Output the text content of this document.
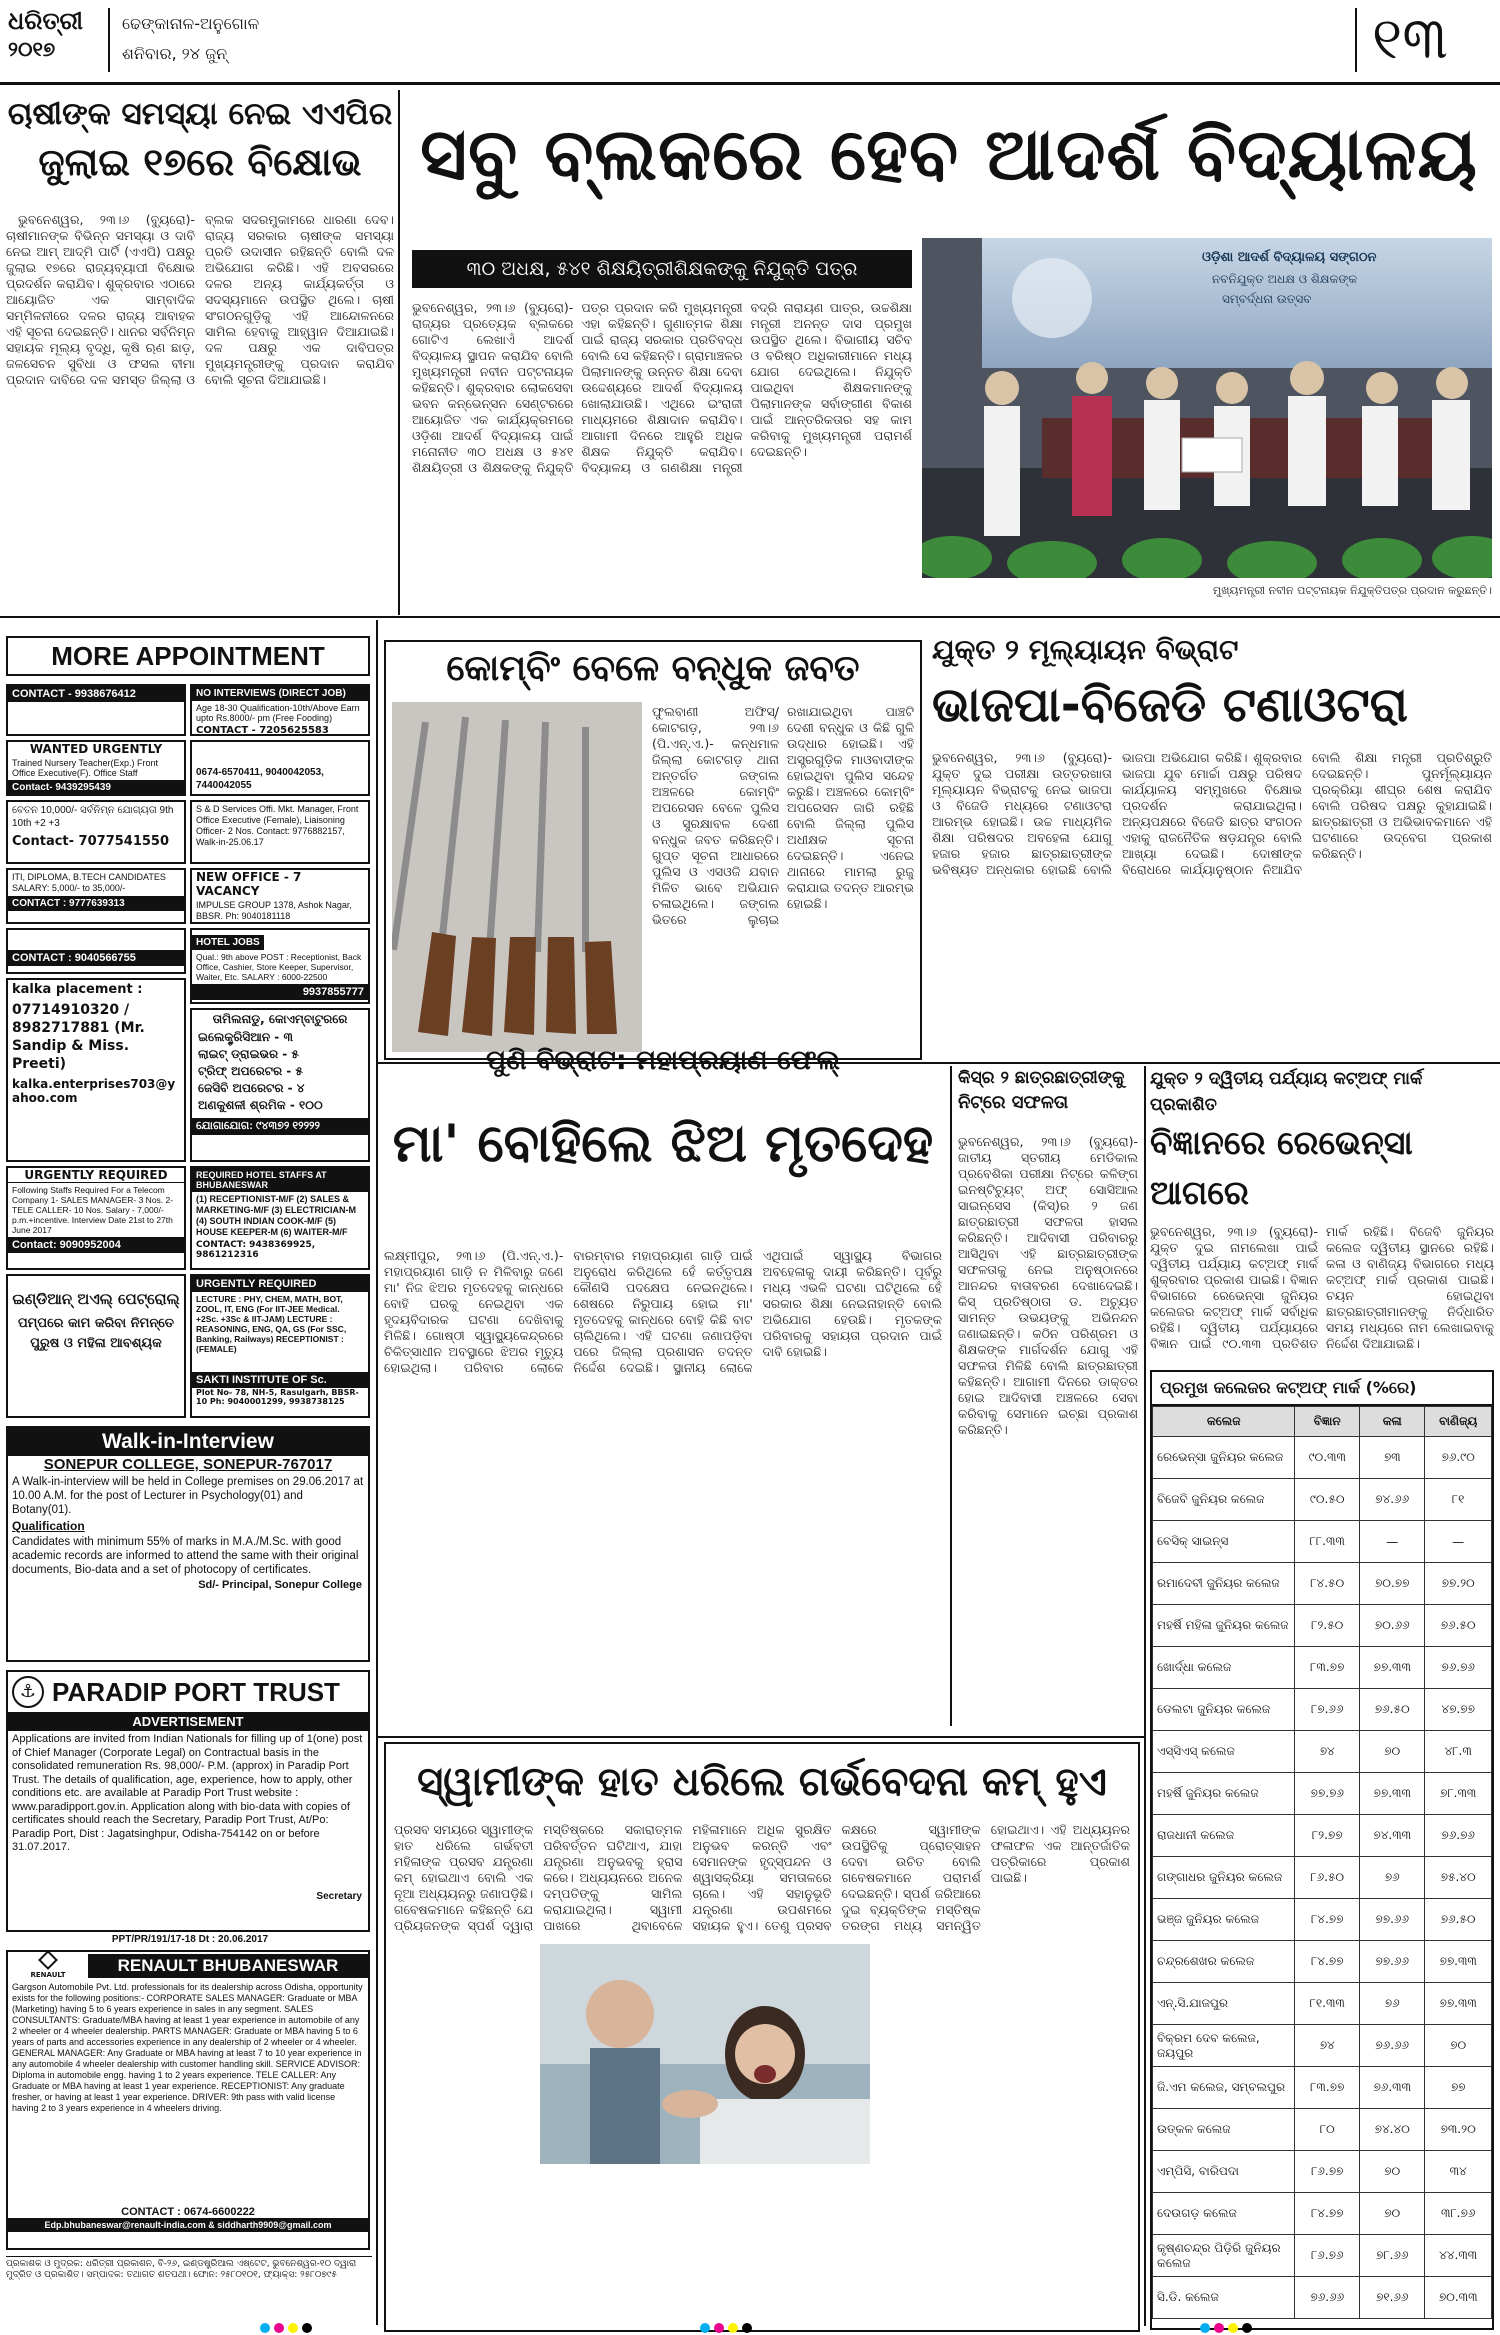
ଧରିତ୍ରୀ
୨୦୧୭
ଢେଙ୍କାନାଳ-ଅନୁଗୋଳ
ଶନିବାର, ୨୪ ଜୁନ୍	୧୩
ଚାଷୀଙ୍କ ସମସ୍ୟା ନେଇ ଏଏପିର
ଜୁଲାଇ ୧୭ରେ ବିକ୍ଷୋଭ
ଭୁବନେଶ୍ୱର, ୨୩।୬ (ବ୍ୟୁରୋ)- ଚାଷୀମାନଙ୍କ ବିଭିନ୍ନ ସମସ୍ୟା ଓ ଦାବି ନେଇ ଆମ୍ ଆଦ୍ମି ପାର୍ଟି (ଏଏପି) ପକ୍ଷରୁ ଜୁଲାଇ ୧୭ରେ ରାଜ୍ୟବ୍ୟାପୀ ବିକ୍ଷୋଭ ପ୍ରଦର୍ଶନ କରାଯିବ। ଶୁକ୍ରବାର ଏଠାରେ ଆୟୋଜିତ ଏକ ସାମ୍ବାଦିକ ସମ୍ମିଳନୀରେ ଦଳର ରାଜ୍ୟ ଆବାହକ ଏହି ସୂଚନା ଦେଇଛନ୍ତି। ଧାନର ସର୍ବନିମ୍ନ ସହାୟକ ମୂଲ୍ୟ ବୃଦ୍ଧି, କୃଷି ଋଣ ଛାଡ଼, ଜଳସେଚନ ସୁବିଧା ଓ ଫସଲ ବୀମା ପ୍ରଦାନ ଦାବିରେ ଦଳ ସମସ୍ତ ଜିଲ୍ଲା ଓ ବ୍ଲକ ସଦରମୁକାମରେ ଧାରଣା ଦେବ। ରାଜ୍ୟ ସରକାର ଚାଷୀଙ୍କ ସମସ୍ୟା ପ୍ରତି ଉଦାସୀନ ରହିଛନ୍ତି ବୋଲି ଦଳ ଅଭିଯୋଗ କରିଛି। ଏହି ଅବସରରେ ଦଳର ଅନ୍ୟ କାର୍ଯ୍ୟକର୍ତ୍ତା ଓ ସଦସ୍ୟମାନେ ଉପସ୍ଥିତ ଥିଲେ। ଚାଷୀ ସଂଗଠନଗୁଡ଼ିକୁ ଏହି ଆନ୍ଦୋଳନରେ ସାମିଲ ହେବାକୁ ଆହ୍ୱାନ ଦିଆଯାଇଛି। ଦଳ ପକ୍ଷରୁ ଏକ ଦାବିପତ୍ର ମୁଖ୍ୟମନ୍ତ୍ରୀଙ୍କୁ ପ୍ରଦାନ କରାଯିବ ବୋଲି ସୂଚନା ଦିଆଯାଇଛି।
ସବୁ ବ୍ଲକରେ ହେବ ଆଦର୍ଶ ବିଦ୍ୟାଳୟ
୩୦ ଅଧକ୍ଷ, ୫୪୧ ଶିକ୍ଷୟିତ୍ରୀଶିକ୍ଷକଙ୍କୁ ନିଯୁକ୍ତି ପତ୍ର
ଭୁବନେଶ୍ୱର, ୨୩।୬ (ବ୍ୟୁରୋ)- ରାଜ୍ୟର ପ୍ରତ୍ୟେକ ବ୍ଲକରେ ଗୋଟିଏ ଲେଖାଏଁ ଆଦର୍ଶ ବିଦ୍ୟାଳୟ ସ୍ଥାପନ କରାଯିବ ବୋଲି ମୁଖ୍ୟମନ୍ତ୍ରୀ ନବୀନ ପଟ୍ଟନାୟକ କହିଛନ୍ତି। ଶୁକ୍ରବାର ଲୋକସେବା ଭବନ କନ୍ଭେନ୍ସନ ସେଣ୍ଟରରେ ଆୟୋଜିତ ଏକ କାର୍ଯ୍ୟକ୍ରମରେ ଓଡ଼ିଶା ଆଦର୍ଶ ବିଦ୍ୟାଳୟ ପାଇଁ ମନୋନୀତ ୩୦ ଅଧକ୍ଷ ଓ ୫୪୧ ଶିକ୍ଷୟିତ୍ରୀ ଓ ଶିକ୍ଷକଙ୍କୁ ନିଯୁକ୍ତି ପତ୍ର ପ୍ରଦାନ କରି ମୁଖ୍ୟମନ୍ତ୍ରୀ ଏହା କହିଛନ୍ତି। ଗୁଣାତ୍ମକ ଶିକ୍ଷା ପାଇଁ ରାଜ୍ୟ ସରକାର ପ୍ରତିବଦ୍ଧ ବୋଲି ସେ କହିଛନ୍ତି। ଗ୍ରାମାଞ୍ଚଳର ପିଲାମାନଙ୍କୁ ଉନ୍ନତ ଶିକ୍ଷା ଦେବା ଉଦ୍ଦେଶ୍ୟରେ ଆଦର୍ଶ ବିଦ୍ୟାଳୟ ଖୋଲାଯାଉଛି। ଏଥିରେ ଇଂରାଜୀ ମାଧ୍ୟମରେ ଶିକ୍ଷାଦାନ କରାଯିବ। ଆଗାମୀ ଦିନରେ ଆହୁରି ଅଧିକ ଶିକ୍ଷକ ନିଯୁକ୍ତି କରାଯିବ। ବିଦ୍ୟାଳୟ ଓ ଗଣଶିକ୍ଷା ମନ୍ତ୍ରୀ ବଦ୍ରି ନାରାୟଣ ପାତ୍ର, ଉଚ୍ଚଶିକ୍ଷା ମନ୍ତ୍ରୀ ଅନନ୍ତ ଦାସ ପ୍ରମୁଖ ଉପସ୍ଥିତ ଥିଲେ। ବିଭାଗୀୟ ସଚିବ ଓ ବରିଷ୍ଠ ଅଧିକାରୀମାନେ ମଧ୍ୟ ଯୋଗ ଦେଇଥିଲେ। ନିଯୁକ୍ତି ପାଇଥିବା ଶିକ୍ଷକମାନଙ୍କୁ ପିଲାମାନଙ୍କ ସର୍ବାଙ୍ଗୀଣ ବିକାଶ ପାଇଁ ଆନ୍ତରିକତାର ସହ କାମ କରିବାକୁ ମୁଖ୍ୟମନ୍ତ୍ରୀ ପରାମର୍ଶ ଦେଇଛନ୍ତି।
ଓଡ଼ିଶା ଆଦର୍ଶ ବିଦ୍ୟାଳୟ ସଙ୍ଗଠନ
ନବନିଯୁକ୍ତ ଅଧକ୍ଷ ଓ ଶିକ୍ଷକଙ୍କ
ସମ୍ବର୍ଦ୍ଧନା ଉତ୍ସବ
ମୁଖ୍ୟମନ୍ତ୍ରୀ ନବୀନ ପଟ୍ଟନାୟକ ନିଯୁକ୍ତିପତ୍ର ପ୍ରଦାନ କରୁଛନ୍ତି।
MORE APPOINTMENT
CONTACT - 9938676412	NO INTERVIEWS (DIRECT JOB)
Age 18-30 Qualification-10th/Above Earn upto Rs.8000/- pm (Free Fooding)
CONTACT - 7205625583
WANTED URGENTLY
Trained Nursery Teacher(Exp.) Front Office Executive(F). Office Staff
Contact- 9439295439
0674-6570411, 9040042053, 7440042055
ବେତନ 10,000/- ସର୍ବନିମ୍ନ ଯୋଗ୍ୟତା 9th 10th +2 +3
Contact- 7077541550
S & D Services Offi. Mkt. Manager, Front Office Executive (Female), Liaisoning Officer- 2 Nos. Contact: 9776882157, Walk-in-25.06.17
ITI, DIPLOMA, B.TECH CANDIDATES SALARY: 5,000/- to 35,000/-
CONTACT : 9777639313
NEW OFFICE - 7 VACANCY
IMPULSE GROUP 1378, Ashok Nagar, BBSR. Ph: 9040181118
CONTACT : 9040566755
HOTEL JOBS
Qual.: 9th above POST : Receptionist, Back Office, Cashier, Store Keeper, Supervisor, Waiter, Etc. SALARY : 6000-22500
9937855777
kalka placement :
07714910320 / 8982717881 (Mr. Sandip & Miss. Preeti)
kalka.enterprises703@yahoo.com
ତାମିଲନାଡୁ, କୋଏମ୍ବାଟୁରରେ
ଇଲେକ୍ଟ୍ରିସିଆନ - ୩
ଲାଇଟ୍ ଡ୍ରାଇଭର - ୫
ଟ୍ରିଫ୍ ଅପରେଟର - ୫
ଜେସିବି ଅପରେଟର - ୪
ଅଣକୁଶଳୀ ଶ୍ରମିକ - ୧୦୦
ଯୋଗାଯୋଗ: ୯୪୩୭୨ ୧୨୨୨୨
URGENTLY REQUIRED
Following Staffs Required For a Telecom Company 1- SALES MANAGER- 3 Nos. 2- TELE CALLER- 10 Nos. Salary - 7,000/- p.m.+incentive. Interview Date 21st to 27th June 2017
Contact: 9090952004
REQUIRED HOTEL STAFFS AT BHUBANESWAR
(1) RECEPTIONIST-M/F (2) SALES & MARKETING-M/F (3) ELECTRICIAN-M (4) SOUTH INDIAN COOK-M/F (5) HOUSE KEEPER-M (6) WAITER-M/F
CONTACT: 9438369925, 9861212316
ଇଣ୍ଡିଆନ୍ ଅଏଲ୍ ପେଟ୍ରୋଲ୍
ପମ୍ପରେ କାମ କରିବା ନିମନ୍ତେ ପୁରୁଷ ଓ ମହିଳା ଆବଶ୍ୟକ
URGENTLY REQUIRED
LECTURE : PHY, CHEM, MATH, BOT, ZOOL, IT, ENG (For IIT-JEE Medical. +2Sc. +3Sc & IIT-JAM) LECTURE : REASONING, ENG, QA, GS (For SSC, Banking, Railways) RECEPTIONIST : (FEMALE)
SAKTI INSTITUTE OF Sc.
Plot No- 78, NH-5, Rasulgarh, BBSR-10 Ph: 9040001299, 9938738125
Walk-in-Interview
SONEPUR COLLEGE, SONEPUR-767017
A Walk-in-interview will be held in College premises on 29.06.2017 at 10.00 A.M. for the post of Lecturer in Psychology(01) and Botany(01).
Qualification
Candidates with minimum 55% of marks in M.A./M.Sc. with good academic records are informed to attend the same with their original documents, Bio-data and a set of photocopy of certificates.
Sd/- Principal, Sonepur College
⚓ PARADIP PORT TRUST
ADVERTISEMENT
Applications are invited from Indian Nationals for filling up of 1(one) post of Chief Manager (Corporate Legal) on Contractual basis in the consolidated remuneration Rs. 98,000/- P.M. (approx) in Paradip Port Trust. The details of qualification, age, experience, how to apply, other conditions etc. are available at Paradip Port Trust website : www.paradipport.gov.in. Application along with bio-data with copies of certificates should reach the Secretary, Paradip Port Trust, At/Po: Paradip Port, Dist : Jagatsinghpur, Odisha-754142 on or before 31.07.2017.
Secretary
PPT/PR/191/17-18 Dt : 20.06.2017
RENAULT	RENAULT BHUBANESWAR
Gargson Automobile Pvt. Ltd. professionals for its dealership across Odisha, opportunity exists for the following positions:- CORPORATE SALES MANAGER: Graduate or MBA (Marketing) having 5 to 6 years experience in sales in any segment. SALES CONSULTANTS: Graduate/MBA having at least 1 year experience in automobile of any 2 wheeler or 4 wheeler dealership. PARTS MANAGER: Graduate or MBA having 5 to 6 years of parts and accessories experience in any dealership of 2 wheeler or 4 wheeler. GENERAL MANAGER: Any Graduate or MBA having at least 7 to 10 year experience in any automobile 4 wheeler dealership with customer handling skill. SERVICE ADVISOR: Diploma in automobile engg. having 1 to 2 years experience. TELE CALLER: Any Graduate or MBA having at least 1 year experience. RECEPTIONIST: Any graduate fresher, or having at least 1 year experience. DRIVER: 9th pass with valid license having 2 to 3 years experience in 4 wheelers driving.
CONTACT : 0674-6600222
Edp.bhubaneswar@renault-india.com & siddharth9909@gmail.com
କୋମ୍ବିଂ ବେଳେ ବନ୍ଧୁକ ଜବତ
ଫୁଲବାଣୀ ଅଫିସ୍/କୋଟଗଡ଼, ୨୩।୬ (ପି.ଏନ୍.ଏ.)- କନ୍ଧମାଳ ଜିଲ୍ଲା କୋଟଗଡ଼ ଥାନା ଅନ୍ତର୍ଗତ ଜଙ୍ଗଲ ଅଞ୍ଚଳରେ କୋମ୍ବିଂ ଅପରେସନ ବେଳେ ପୁଲିସ ଓ ସୁରକ୍ଷାବଳ ଦେଶୀ ବନ୍ଧୁକ ଜବତ କରିଛନ୍ତି। ଗୁପ୍ତ ସୂଚନା ଆଧାରରେ ପୁଲିସ ଓ ଏସଓଜି ଯବାନ ମିଳିତ ଭାବେ ଅଭିଯାନ ଚଳାଇଥିଲେ। ଜଙ୍ଗଲ ଭିତରେ ଲୁଚାଇ ରଖାଯାଇଥିବା ପାଞ୍ଚଟି ଦେଶୀ ବନ୍ଧୁକ ଓ କିଛି ଗୁଳି ଉଦ୍ଧାର ହୋଇଛି। ଏହି ଅସ୍ତ୍ରଗୁଡ଼ିକ ମାଓବାଦୀଙ୍କ ହୋଇଥିବା ପୁଲିସ ସନ୍ଦେହ କରୁଛି। ଅଞ୍ଚଳରେ କୋମ୍ବିଂ ଅପରେସନ ଜାରି ରହିଛି ବୋଲି ଜିଲ୍ଲା ପୁଲିସ ଅଧୀକ୍ଷକ ସୂଚନା ଦେଇଛନ୍ତି। ଏନେଇ ଥାନାରେ ମାମଲା ରୁଜୁ କରାଯାଇ ତଦନ୍ତ ଆରମ୍ଭ ହୋଇଛି।
ଯୁକ୍ତ ୨ ମୂଲ୍ୟାୟନ ବିଭ୍ରାଟ
ଭାଜପା-ବିଜେଡି ଟଣାଓଟରା
ଭୁବନେଶ୍ୱର, ୨୩।୬ (ବ୍ୟୁରୋ)- ଯୁକ୍ତ ଦୁଇ ପରୀକ୍ଷା ଉତ୍ତରଖାତା ମୂଲ୍ୟାୟନ ବିଭ୍ରାଟକୁ ନେଇ ଭାଜପା ଓ ବିଜେଡି ମଧ୍ୟରେ ଟଣାଓଟରା ଆରମ୍ଭ ହୋଇଛି। ଉଚ୍ଚ ମାଧ୍ୟମିକ ଶିକ୍ଷା ପରିଷଦର ଅବହେଳା ଯୋଗୁ ହଜାର ହଜାର ଛାତ୍ରଛାତ୍ରୀଙ୍କ ଭବିଷ୍ୟତ ଅନ୍ଧକାର ହୋଇଛି ବୋଲି ଭାଜପା ଅଭିଯୋଗ କରିଛି। ଶୁକ୍ରବାର ଭାଜପା ଯୁବ ମୋର୍ଚ୍ଚା ପକ୍ଷରୁ ପରିଷଦ କାର୍ଯ୍ୟାଳୟ ସମ୍ମୁଖରେ ବିକ୍ଷୋଭ ପ୍ରଦର୍ଶନ କରାଯାଇଥିଲା। ଅନ୍ୟପକ୍ଷରେ ବିଜେଡି ଛାତ୍ର ସଂଗଠନ ଏହାକୁ ରାଜନୈତିକ ଷଡ଼ଯନ୍ତ୍ର ବୋଲି ଆଖ୍ୟା ଦେଇଛି। ଦୋଷୀଙ୍କ ବିରୋଧରେ କାର୍ଯ୍ୟାନୁଷ୍ଠାନ ନିଆଯିବ ବୋଲି ଶିକ୍ଷା ମନ୍ତ୍ରୀ ପ୍ରତିଶ୍ରୁତି ଦେଇଛନ୍ତି। ପୁନର୍ମୂଲ୍ୟାୟନ ପ୍ରକ୍ରିୟା ଶୀଘ୍ର ଶେଷ କରାଯିବ ବୋଲି ପରିଷଦ ପକ୍ଷରୁ କୁହାଯାଇଛି। ଛାତ୍ରଛାତ୍ରୀ ଓ ଅଭିଭାବକମାନେ ଏହି ଘଟଣାରେ ଉଦ୍ବେଗ ପ୍ରକାଶ କରିଛନ୍ତି।
ପୁଣି ବିଭ୍ରାଟ: ମହାପ୍ରୟାଣ ଫେଲ୍
ମା' ବୋହିଲେ ଝିଅ ମୃତଦେହ
ଲକ୍ଷ୍ମୀପୁର, ୨୩।୬ (ପି.ଏନ୍.ଏ.)- ମହାପ୍ରୟାଣ ଗାଡ଼ି ନ ମିଳିବାରୁ ଜଣେ ମା' ନିଜ ଝିଅର ମୃତଦେହକୁ କାନ୍ଧରେ ବୋହି ଘରକୁ ନେଇଥିବା ଏକ ହୃଦୟବିଦାରକ ଘଟଣା ଦେଖିବାକୁ ମିଳିଛି। ଗୋଷ୍ଠୀ ସ୍ୱାସ୍ଥ୍ୟକେନ୍ଦ୍ରରେ ଚିକିତ୍ସାଧୀନ ଅବସ୍ଥାରେ ଝିଅର ମୃତ୍ୟୁ ହୋଇଥିଲା। ପରିବାର ଲୋକେ ବାରମ୍ବାର ମହାପ୍ରୟାଣ ଗାଡ଼ି ପାଇଁ ଅନୁରୋଧ କରିଥିଲେ ହେଁ କର୍ତ୍ତୃପକ୍ଷ କୌଣସି ପଦକ୍ଷେପ ନେଇନଥିଲେ। ଶେଷରେ ନିରୁପାୟ ହୋଇ ମା' ମୃତଦେହକୁ କାନ୍ଧରେ ବୋହି କିଛି ବାଟ ଚାଲିଥିଲେ। ଏହି ଘଟଣା ଜଣାପଡ଼ିବା ପରେ ଜିଲ୍ଲା ପ୍ରଶାସନ ତଦନ୍ତ ନିର୍ଦ୍ଦେଶ ଦେଇଛି। ସ୍ଥାନୀୟ ଲୋକେ ଏଥିପାଇଁ ସ୍ୱାସ୍ଥ୍ୟ ବିଭାଗର ଅବହେଳାକୁ ଦାୟୀ କରିଛନ୍ତି। ପୂର୍ବରୁ ମଧ୍ୟ ଏଭଳି ଘଟଣା ଘଟିଥିଲେ ହେଁ ସରକାର ଶିକ୍ଷା ନେଇନାହାନ୍ତି ବୋଲି ଅଭିଯୋଗ ହେଉଛି। ମୃତକଙ୍କ ପରିବାରକୁ ସହାୟତା ପ୍ରଦାନ ପାଇଁ ଦାବି ହୋଇଛି।
କିସ୍‌ର ୨ ଛାତ୍ରଛାତ୍ରୀଙ୍କୁ
ନିଟ୍‌ରେ ସଫଳତା
ଭୁବନେଶ୍ୱର, ୨୩।୬ (ବ୍ୟୁରୋ)- ଜାତୀୟ ସ୍ତରୀୟ ମେଡିକାଲ ପ୍ରବେଶିକା ପରୀକ୍ଷା ନିଟ୍‌ରେ କଳିଙ୍ଗ ଇନଷ୍ଟିଚ୍ୟୁଟ୍ ଅଫ୍ ସୋସିଆଲ ସାଇନ୍ସେସ (କିସ୍)ର ୨ ଜଣ ଛାତ୍ରଛାତ୍ରୀ ସଫଳତା ହାସଲ କରିଛନ୍ତି। ଆଦିବାସୀ ପରିବାରରୁ ଆସିଥିବା ଏହି ଛାତ୍ରଛାତ୍ରୀଙ୍କ ସଫଳତାକୁ ନେଇ ଅନୁଷ୍ଠାନରେ ଆନନ୍ଦର ବାତାବରଣ ଦେଖାଦେଇଛି। କିସ୍ ପ୍ରତିଷ୍ଠାତା ଡ. ଅଚ୍ୟୁତ ସାମନ୍ତ ଉଭୟଙ୍କୁ ଅଭିନନ୍ଦନ ଜଣାଇଛନ୍ତି। କଠିନ ପରିଶ୍ରମ ଓ ଶିକ୍ଷକଙ୍କ ମାର୍ଗଦର୍ଶନ ଯୋଗୁ ଏହି ସଫଳତା ମିଳିଛି ବୋଲି ଛାତ୍ରଛାତ୍ରୀ କହିଛନ୍ତି। ଆଗାମୀ ଦିନରେ ଡାକ୍ତର ହୋଇ ଆଦିବାସୀ ଅଞ୍ଚଳରେ ସେବା କରିବାକୁ ସେମାନେ ଇଚ୍ଛା ପ୍ରକାଶ କରିଛନ୍ତି।
ଯୁକ୍ତ ୨ ଦ୍ୱିତୀୟ ପର୍ଯ୍ୟାୟ କଟ୍‌ଅଫ୍ ମାର୍କ ପ୍ରକାଶିତ
ବିଜ୍ଞାନରେ ରେଭେନ୍ସା ଆଗରେ
ଭୁବନେଶ୍ୱର, ୨୩।୬ (ବ୍ୟୁରୋ)- ଯୁକ୍ତ ଦୁଇ ନାମଲେଖା ପାଇଁ ଦ୍ୱିତୀୟ ପର୍ଯ୍ୟାୟ କଟ୍‌ଅଫ୍ ମାର୍କ ଶୁକ୍ରବାର ପ୍ରକାଶ ପାଇଛି। ବିଜ୍ଞାନ ବିଭାଗରେ ରେଭେନ୍ସା ଜୁନିୟର କଲେଜର କଟ୍‌ଅଫ୍ ମାର୍କ ସର୍ବାଧିକ ରହିଛି। ଦ୍ୱିତୀୟ ପର୍ଯ୍ୟାୟରେ ବିଜ୍ଞାନ ପାଇଁ ୯୦.୩୩ ପ୍ରତିଶତ ମାର୍କ ରହିଛି। ବିଜେବି ଜୁନିୟର କଲେଜ ଦ୍ୱିତୀୟ ସ୍ଥାନରେ ରହିଛି। କଳା ଓ ବାଣିଜ୍ୟ ବିଭାଗରେ ମଧ୍ୟ କଟ୍‌ଅଫ୍ ମାର୍କ ପ୍ରକାଶ ପାଇଛି। ଚୟନ ହୋଇଥିବା ଛାତ୍ରଛାତ୍ରୀମାନଙ୍କୁ ନିର୍ଦ୍ଧାରିତ ସମୟ ମଧ୍ୟରେ ନାମ ଲେଖାଇବାକୁ ନିର୍ଦ୍ଦେଶ ଦିଆଯାଇଛି।
ପ୍ରମୁଖ କଲେଜର କଟ୍‌ଅଫ୍ ମାର୍କ (%ରେ)
କଲେଜ	ବିଜ୍ଞାନ	କଳା	ବାଣିଜ୍ୟ
ରେଭେନ୍ସା ଜୁନିୟର କଲେଜ	୯୦.୩୩	୭୩	୭୬.୯୦
ବିଜେବି ଜୁନିୟର କଲେଜ	୯୦.୫୦	୭୪.୬୬	୮୧
ବେସିକ୍ ସାଇନ୍ସ	୮୮.୩୩	—	—
ରମାଦେବୀ ଜୁନିୟର କଲେଜ	୮୪.୫୦	୭୦.୭୭	୭୭.୨୦
ମହର୍ଷି ମହିଳା ଜୁନିୟର କଲେଜ	୮୨.୫୦	୭୦.୬୬	୭୬.୫୦
ଖୋର୍ଦ୍ଧା କଲେଜ	୮୩.୭୭	୭୭.୩୩	୭୬.୭୬
ଡେଲଟା ଜୁନିୟର କଲେଜ	୮୭.୬୬	୭୬.୫୦	୪୭.୭୭
ଏସ୍‌ସିଏସ୍ କଲେଜ	୭୪	୭୦	୪୮.୩
ମହର୍ଷି ଜୁନିୟର କଲେଜ	୭୭.୭୬	୭୭.୩୩	୭୮.୩୩
ରାଜଧାନୀ କଲେଜ	୮୨.୭୭	୭୪.୩୩	୭୬.୭୬
ଗଙ୍ଗାଧର ଜୁନିୟର କଲେଜ	୮୬.୫୦	୭୬	୭୫.୪୦
ଭଞ୍ଜ ଜୁନିୟର କଲେଜ	୮୪.୭୭	୭୭.୬୬	୭୬.୫୦
ଚନ୍ଦ୍ରଶେଖର କଲେଜ	୮୪.୭୭	୭୭.୬୬	୭୭.୩୩
ଏନ୍.ସି.ଯାଜପୁର	୮୧.୩୩	୭୬	୭୭.୩୩
ବିକ୍ରମ ଦେବ କଲେଜ, ଜୟପୁର	୭୪	୭୬.୬୬	୭୦
ଜି.ଏମ କଲେଜ, ସମ୍ବଲପୁର	୮୩.୭୭	୭୬.୩୩	୭୭
ଉତ୍କଳ କଲେଜ	୮୦	୭୪.୪୦	୭୩.୨୦
ଏମ୍‌ପିସି, ବାରିପଦା	୮୬.୭୭	୭୦	୩୪
ଦେଉଗଡ଼ କଲେଜ	୮୪.୭୭	୭୦	୩୮.୭୬
କୃଷ୍ଣଚନ୍ଦ୍ର ପିଡ଼ିରି ଜୁନିୟର କଲେଜ	୮୬.୭୬	୭୮.୬୬	୪୪.୩୩
ସି.ଡି. କଲେଜ	୭୬.୬୬	୭୧.୬୬	୭୦.୩୩
ସ୍ୱାମୀଙ୍କ ହାତ ଧରିଲେ ଗର୍ଭବେଦନା କମ୍ ହୁଏ
ପ୍ରସବ ସମୟରେ ସ୍ୱାମୀଙ୍କ ହାତ ଧରିଲେ ଗର୍ଭବତୀ ମହିଳାଙ୍କ ପ୍ରସବ ଯନ୍ତ୍ରଣା କମ୍ ହୋଇଥାଏ ବୋଲି ଏକ ନୂଆ ଅଧ୍ୟୟନରୁ ଜଣାପଡ଼ିଛି। ଗବେଷକମାନେ କହିଛନ୍ତି ଯେ ପ୍ରିୟଜନଙ୍କ ସ୍ପର୍ଶ ଦ୍ୱାରା ମସ୍ତିଷ୍କରେ ସକାରାତ୍ମକ ପରିବର୍ତ୍ତନ ଘଟିଥାଏ, ଯାହା ଯନ୍ତ୍ରଣା ଅନୁଭବକୁ ହ୍ରାସ କରେ। ଅଧ୍ୟୟନରେ ଅନେକ ଦମ୍ପତିଙ୍କୁ ସାମିଲ କରାଯାଇଥିଲା। ସ୍ୱାମୀ ପାଖରେ ଥିବାବେଳେ ମହିଳାମାନେ ଅଧିକ ସୁରକ୍ଷିତ ଅନୁଭବ କରନ୍ତି ଏବଂ ସେମାନଙ୍କ ହୃଦ୍‌ସ୍ପନ୍ଦନ ଓ ଶ୍ୱାସକ୍ରିୟା ସମତାଳରେ ଚାଲେ। ଏହି ସହାନୁଭୂତି ଯନ୍ତ୍ରଣା ଉପଶମରେ ସହାୟକ ହୁଏ। ତେଣୁ ପ୍ରସବ କକ୍ଷରେ ସ୍ୱାମୀଙ୍କ ଉପସ୍ଥିତିକୁ ପ୍ରୋତ୍ସାହନ ଦେବା ଉଚିତ ବୋଲି ଗବେଷକମାନେ ପରାମର୍ଶ ଦେଇଛନ୍ତି। ସ୍ପର୍ଶ ଜରିଆରେ ଦୁଇ ବ୍ୟକ୍ତିଙ୍କ ମସ୍ତିଷ୍କ ତରଙ୍ଗ ମଧ୍ୟ ସମନ୍ୱିତ ହୋଇଥାଏ। ଏହି ଅଧ୍ୟୟନର ଫଳାଫଳ ଏକ ଆନ୍ତର୍ଜାତିକ ପତ୍ରିକାରେ ପ୍ରକାଶ ପାଇଛି।
ପ୍ରକାଶକ ଓ ମୁଦ୍ରକ: ଧରିତ୍ରୀ ପ୍ରକାଶନ, ବି-୨୬, ଇଣ୍ଡଷ୍ଟ୍ରିଆଲ ଏଷ୍ଟେଟ, ଭୁବନେଶ୍ୱର-୧୦ ଦ୍ୱାରା ମୁଦ୍ରିତ ଓ ପ୍ରକାଶିତ। ସମ୍ପାଦକ: ତଥାଗତ ଶତପଥୀ। ଫୋନ: ୨୫୮୦୧୦୧, ଫ୍ୟାକ୍ସ: ୨୫୮୦୭୯୫
